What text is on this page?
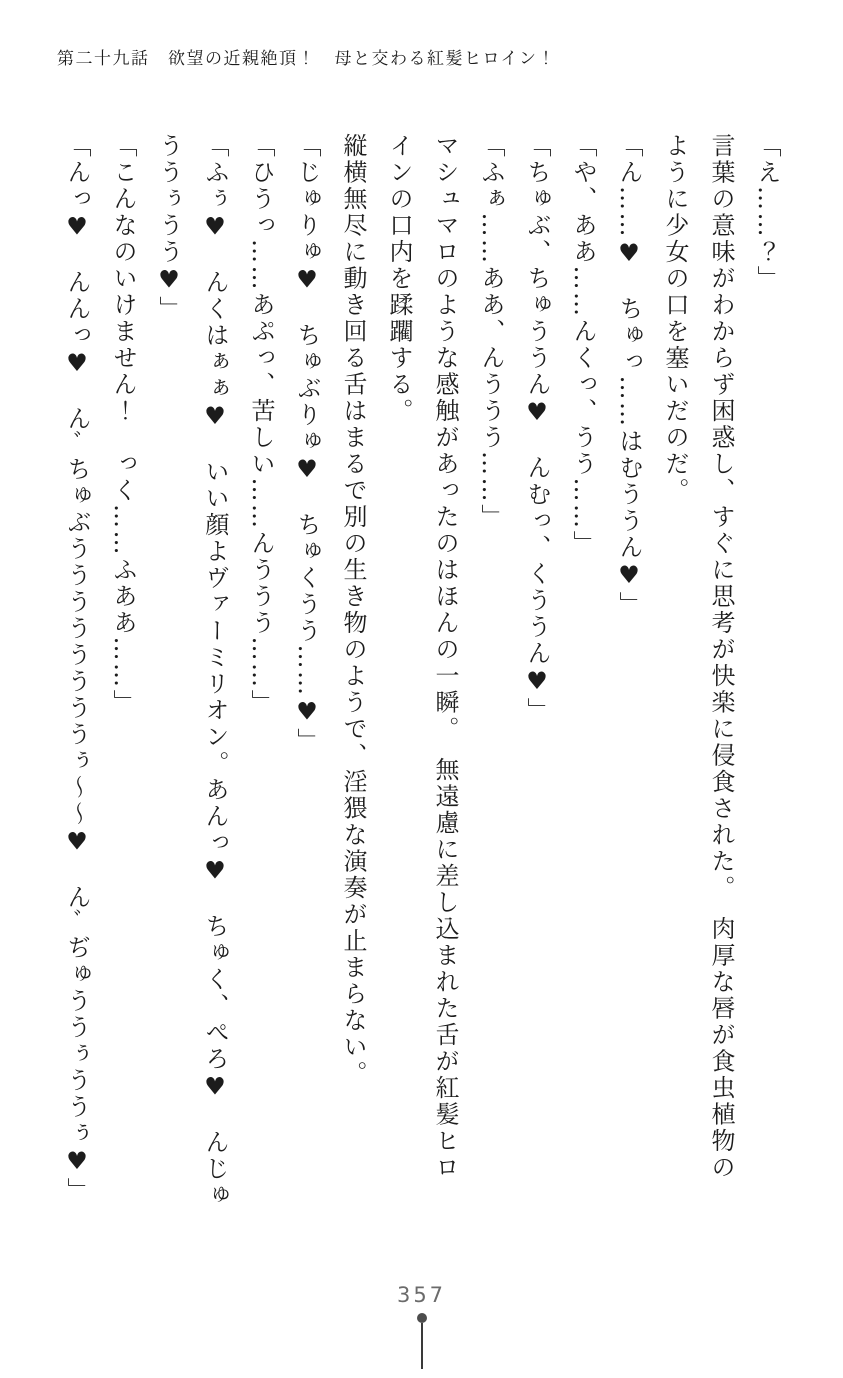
第二十九話　欲望の近親絶頂！　母と交わる紅髪ヒロイン！

「え……？」

言葉の意味がわからず困惑し、すぐに思考が快楽に侵食された。　肉厚な唇が食虫植物の

ように少女の口を塞いだのだ。

「ん……♥　ちゅっ……はむううん♥」

「や、ああ……んくっ、うう……」

「ちゅぶ、ちゅううん♥　んむっ、くううん♥」

「ふぁ……ああ、んううう……」

マシュマロのような感触があったのはほんの一瞬。　無遠慮に差し込まれた舌が紅髪ヒロ

インの口内を蹂躙する。

縦横無尽に動き回る舌はまるで別の生き物のようで、淫猥な演奏が止まらない。

「じゅりゅ♥　ちゅぶりゅ♥　ちゅくうう……♥」

「ひうっ……あぷっ、苦しい……んううう……」

「ふぅ♥　んくはぁぁ♥　いい顔よヴァーミリオン。あんっ♥　ちゅく、ぺろ♥　んじゅ

ううぅうう♥」

「こんなのいけません！　っく……ふああ……」

「んっ♥　んんっ♥　んﾞちゅぶううううううううぅ～～♥　んﾞぢゅううぅううぅ♥」

357
